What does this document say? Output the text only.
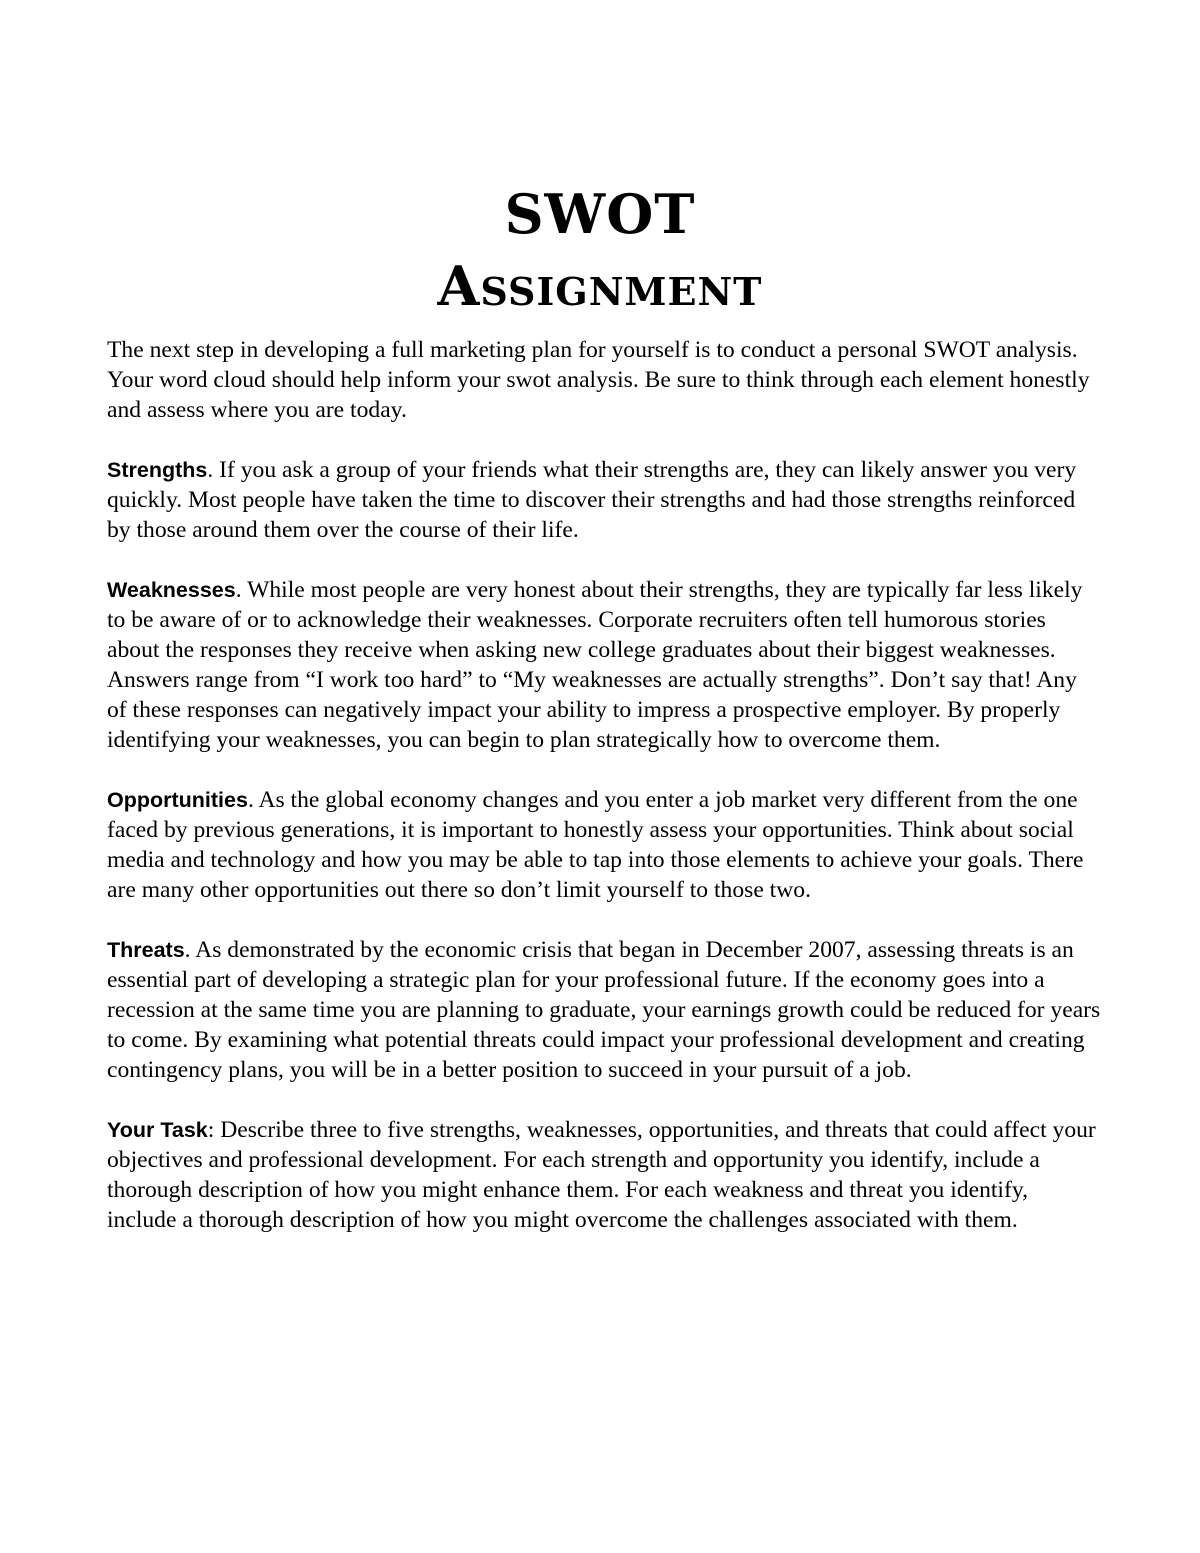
SWOT
Assignment

The next step in developing a full marketing plan for yourself is to conduct a personal SWOT analysis. Your word cloud should help inform your swot analysis. Be sure to think through each element honestly and assess where you are today.

Strengths. If you ask a group of your friends what their strengths are, they can likely answer you very quickly. Most people have taken the time to discover their strengths and had those strengths reinforced by those around them over the course of their life.

Weaknesses. While most people are very honest about their strengths, they are typically far less likely to be aware of or to acknowledge their weaknesses. Corporate recruiters often tell humorous stories about the responses they receive when asking new college graduates about their biggest weaknesses. Answers range from “I work too hard” to “My weaknesses are actually strengths”. Don’t say that! Any of these responses can negatively impact your ability to impress a prospective employer. By properly identifying your weaknesses, you can begin to plan strategically how to overcome them.

Opportunities. As the global economy changes and you enter a job market very different from the one faced by previous generations, it is important to honestly assess your opportunities. Think about social media and technology and how you may be able to tap into those elements to achieve your goals. There are many other opportunities out there so don’t limit yourself to those two.

Threats. As demonstrated by the economic crisis that began in December 2007, assessing threats is an essential part of developing a strategic plan for your professional future. If the economy goes into a recession at the same time you are planning to graduate, your earnings growth could be reduced for years to come. By examining what potential threats could impact your professional development and creating contingency plans, you will be in a better position to succeed in your pursuit of a job.

Your Task: Describe three to five strengths, weaknesses, opportunities, and threats that could affect your objectives and professional development. For each strength and opportunity you identify, include a thorough description of how you might enhance them. For each weakness and threat you identify, include a thorough description of how you might overcome the challenges associated with them.
